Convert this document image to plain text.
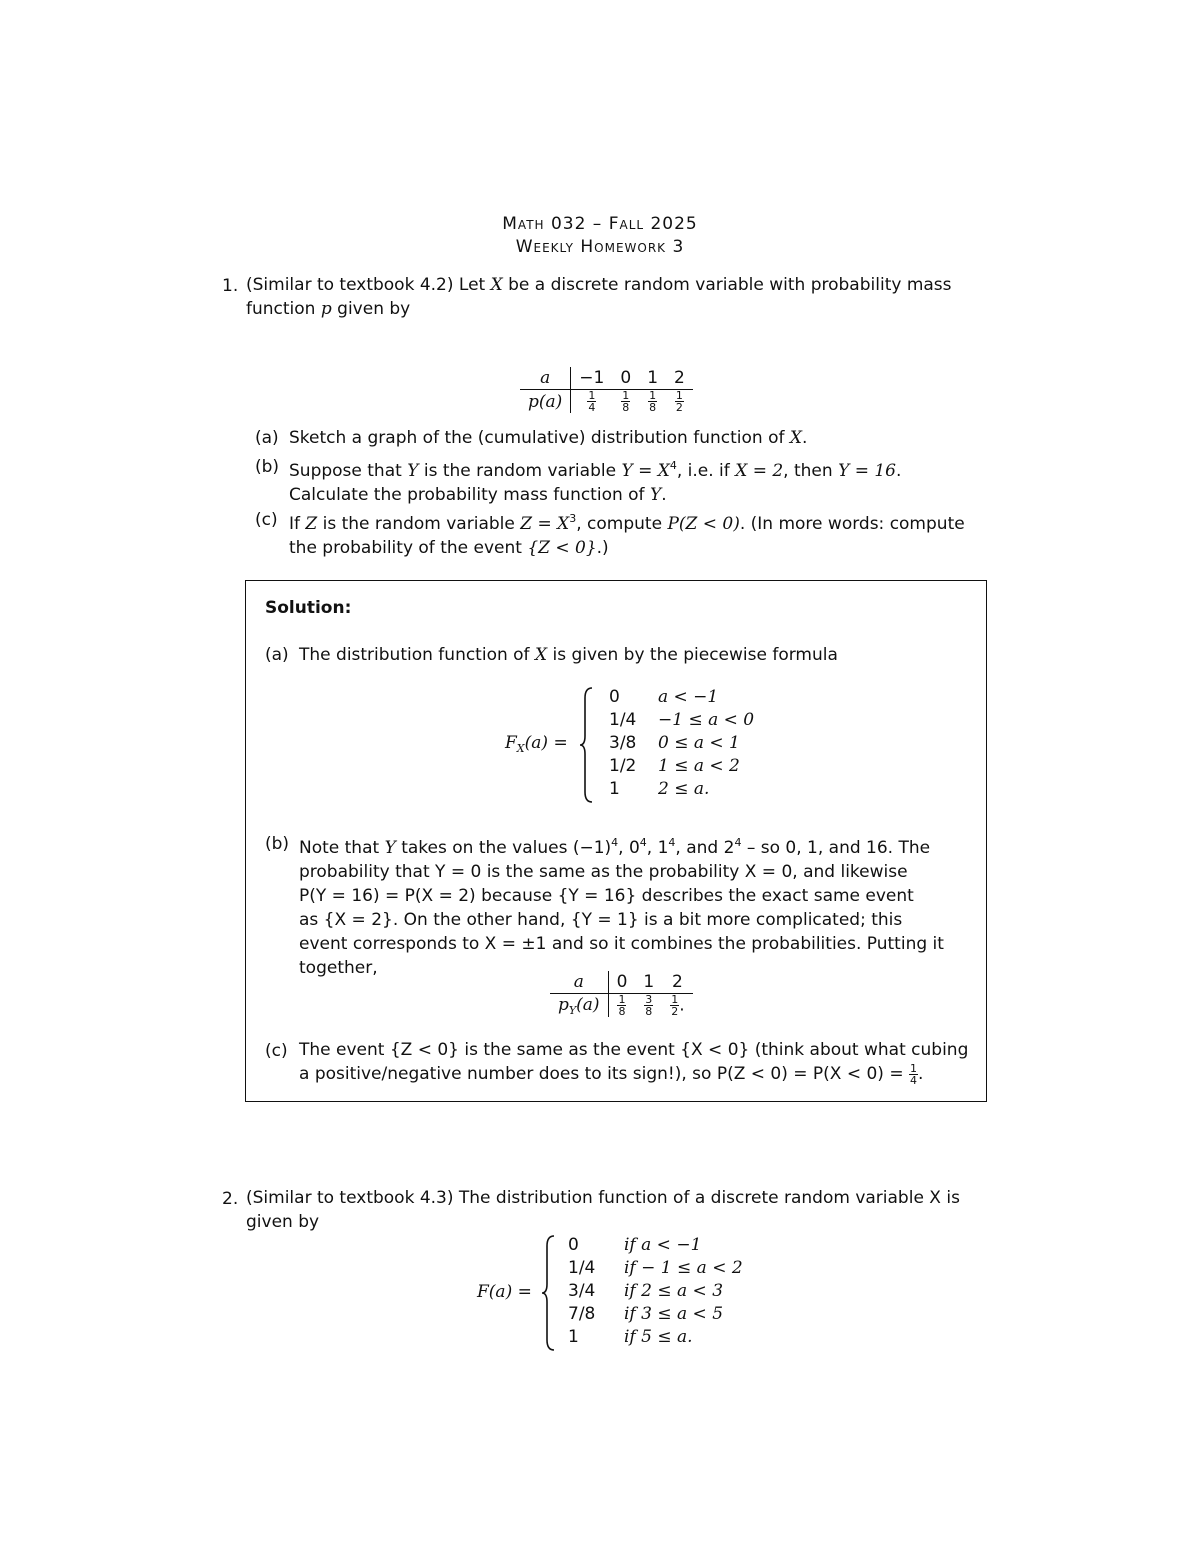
Math 032 – Fall 2025
Weekly Homework 3
1. (Similar to textbook 4.2) Let X be a discrete random variable with probability mass
function p given by
a	−1	0	1	2
p(a)	$\frac{1}{4}$	$\frac{1}{8}$	$\frac{1}{8}$	$\frac{1}{2}$
(a) Sketch a graph of the (cumulative) distribution function of X.
(b) Suppose that Y is the random variable $Y = X^4$, i.e. if X = 2, then Y = 16.
Calculate the probability mass function of Y.
(c) If Z is the random variable $Z = X^3$, compute P(Z < 0). (In more words: compute
the probability of the event {Z < 0}.)
Solution:
(a) The distribution function of X is given by the piecewise formula
$F_X(a)$ =
0
1/4
3/8
1/2
1
a < −1
−1 ≤ a < 0
0 ≤ a < 1
1 ≤ a < 2
2 ≤ a.
(b) Note that Y takes on the values $(-1)^4$, $0^4$, $1^4$, and $2^4$ – so 0, 1, and 16. The
probability that Y = 0 is the same as the probability X = 0, and likewise
P(Y = 16) = P(X = 2) because {Y = 16} describes the exact same event
as {X = 2}. On the other hand, {Y = 1} is a bit more complicated; this
event corresponds to X = ±1 and so it combines the probabilities. Putting it
together,
a	0	1	2
$p_Y(a)$	$\frac{1}{8}$	$\frac{3}{8}$	$\frac{1}{2}$ .
(c) The event {Z < 0} is the same as the event {X < 0} (think about what cubing
a positive/negative number does to its sign!), so $P(Z < 0) = P(X < 0) = \frac{1}{4}$ .
2. (Similar to textbook 4.3) The distribution function of a discrete random variable X is
given by
F(a) =
0
1/4
3/4
7/8
1
if a < −1
if − 1 ≤ a < 2
if 2 ≤ a < 3
if 3 ≤ a < 5
if 5 ≤ a.
